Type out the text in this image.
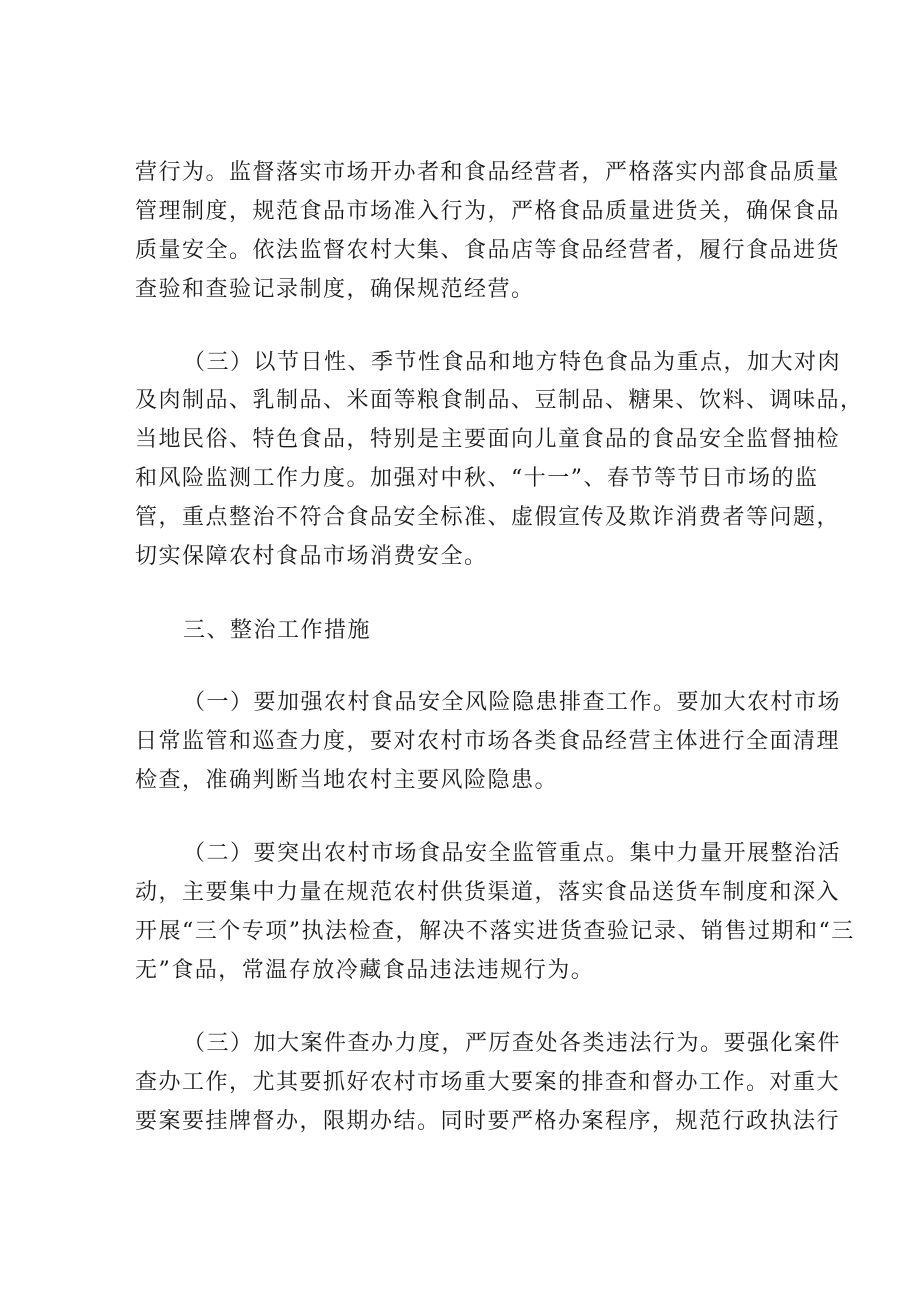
营行为。监督落实市场开办者和食品经营者，严格落实内部食品质量
管理制度，规范食品市场准入行为，严格食品质量进货关，确保食品
质量安全。依法监督农村大集、食品店等食品经营者，履行食品进货
查验和查验记录制度，确保规范经营。
（三）以节日性、季节性食品和地方特色食品为重点，加大对肉
及肉制品、乳制品、米面等粮食制品、豆制品、糖果、饮料、调味品，
当地民俗、特色食品，特别是主要面向儿童食品的食品安全监督抽检
和风险监测工作力度。加强对中秋、“十一”、春节等节日市场的监
管，重点整治不符合食品安全标准、虚假宣传及欺诈消费者等问题，
切实保障农村食品市场消费安全。
三、整治工作措施
（一）要加强农村食品安全风险隐患排查工作。要加大农村市场
日常监管和巡查力度，要对农村市场各类食品经营主体进行全面清理
检查，准确判断当地农村主要风险隐患。
（二）要突出农村市场食品安全监管重点。集中力量开展整治活
动，主要集中力量在规范农村供货渠道，落实食品送货车制度和深入
开展“三个专项”执法检查，解决不落实进货查验记录、销售过期和“三
无”食品，常温存放冷藏食品违法违规行为。
（三）加大案件查办力度，严厉查处各类违法行为。要强化案件
查办工作，尤其要抓好农村市场重大要案的排查和督办工作。对重大
要案要挂牌督办，限期办结。同时要严格办案程序，规范行政执法行
